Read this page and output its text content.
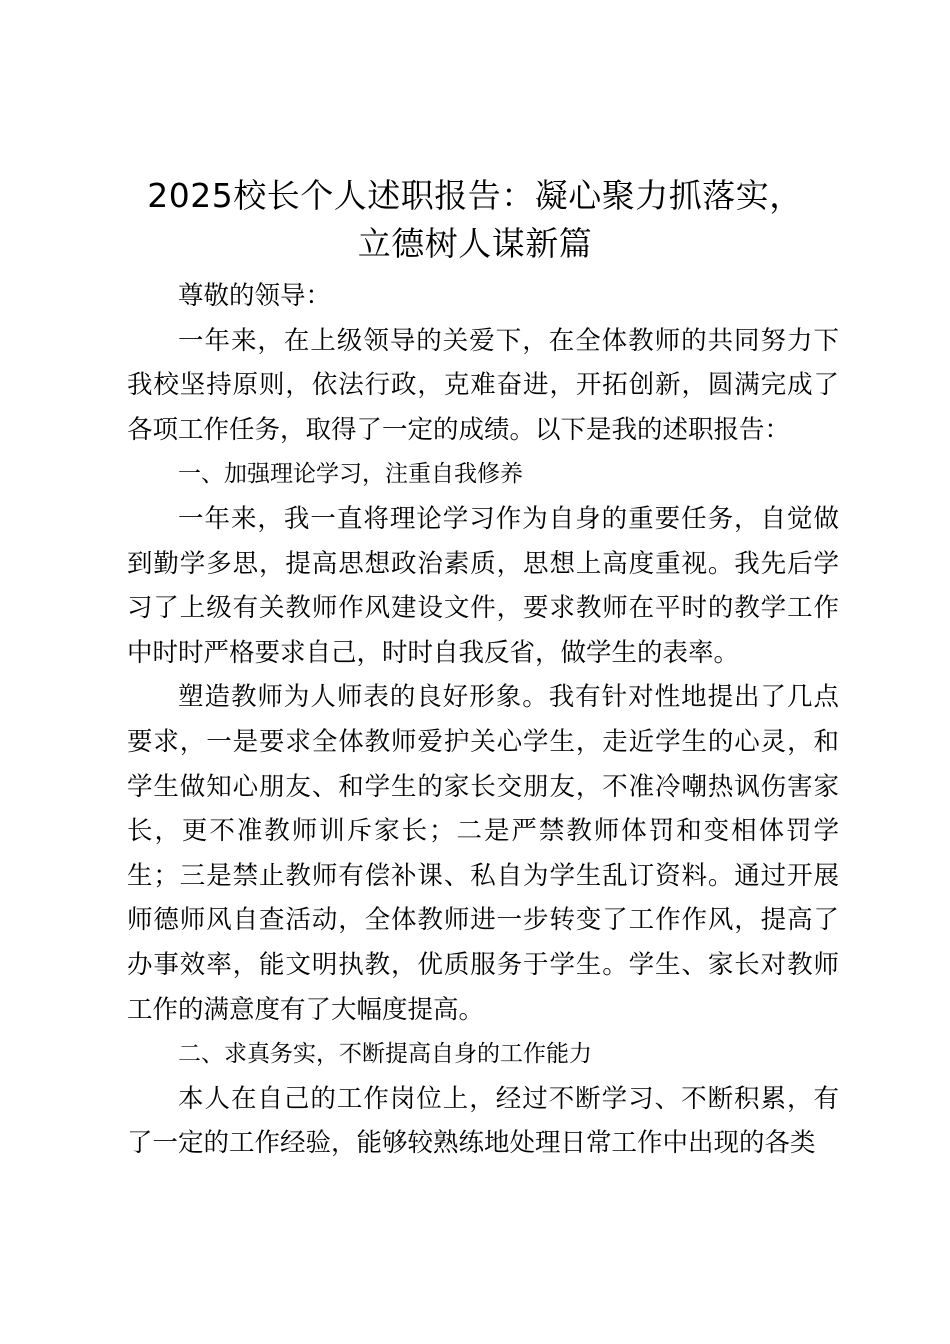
2025校长个人述职报告：凝心聚力抓落实，
立德树人谋新篇

尊敬的领导：

一年来，在上级领导的关爱下，在全体教师的共同努力下我校坚持原则，依法行政，克难奋进，开拓创新，圆满完成了各项工作任务，取得了一定的成绩。以下是我的述职报告：

一、加强理论学习，注重自我修养

一年来，我一直将理论学习作为自身的重要任务，自觉做到勤学多思，提高思想政治素质，思想上高度重视。我先后学习了上级有关教师作风建设文件，要求教师在平时的教学工作中时时严格要求自己，时时自我反省，做学生的表率。

塑造教师为人师表的良好形象。我有针对性地提出了几点要求，一是要求全体教师爱护关心学生，走近学生的心灵，和学生做知心朋友、和学生的家长交朋友，不准冷嘲热讽伤害家长，更不准教师训斥家长；二是严禁教师体罚和变相体罚学生；三是禁止教师有偿补课、私自为学生乱订资料。通过开展师德师风自查活动，全体教师进一步转变了工作作风，提高了办事效率，能文明执教，优质服务于学生。学生、家长对教师工作的满意度有了大幅度提高。

二、求真务实，不断提高自身的工作能力

本人在自己的工作岗位上，经过不断学习、不断积累，有了一定的工作经验，能够较熟练地处理日常工作中出现的各类
